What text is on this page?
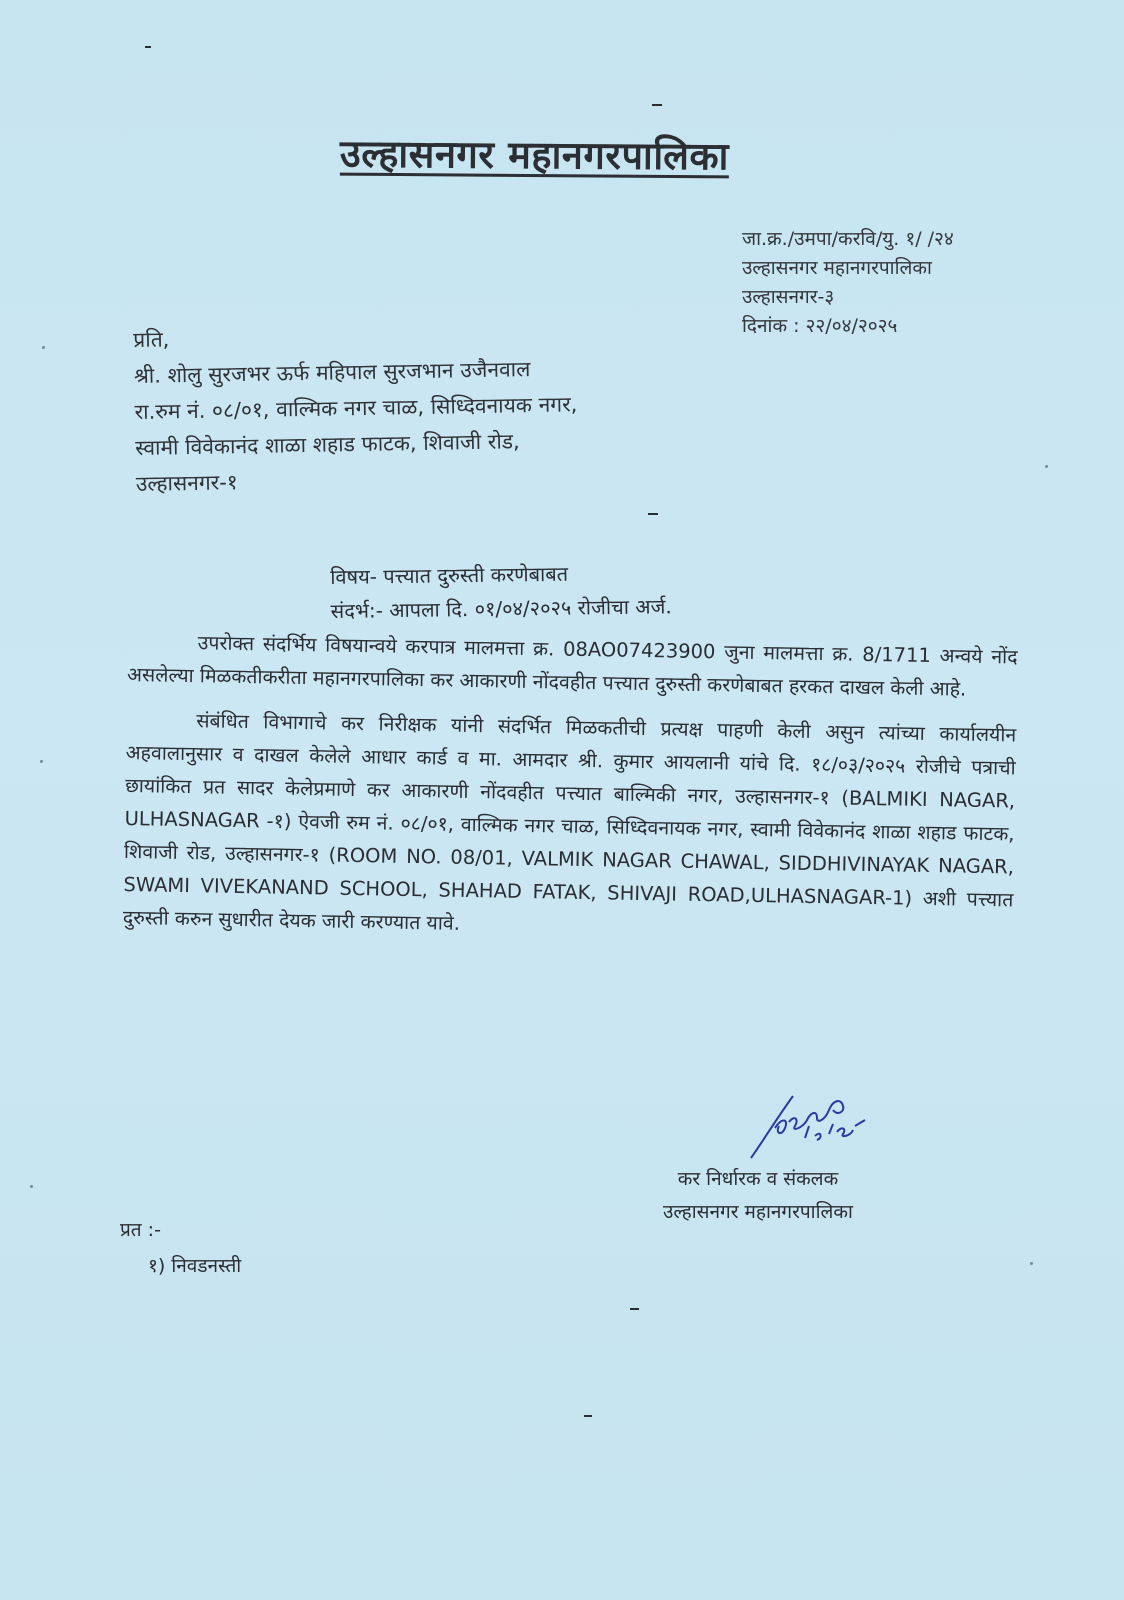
उल्हासनगर महानगरपालिका
जा.क्र./उमपा/करवि/यु. १/ /२४
उल्हासनगर महानगरपालिका
उल्हासनगर-३
दिनांक : २२/०४/२०२५
प्रति,
श्री. शोलु सुरजभर ऊर्फ महिपाल सुरजभान उजैनवाल
रा.रुम नं. ०८/०१, वाल्मिक नगर चाळ, सिध्दिवनायक नगर,
स्वामी विवेकानंद शाळा शहाड फाटक, शिवाजी रोड,
उल्हासनगर-१
विषय- पत्त्यात दुरुस्ती करणेबाबत
संदर्भ:- आपला दि. ०१/०४/२०२५ रोजीचा अर्ज.

उपरोक्त संदर्भिय विषयान्वये करपात्र मालमत्ता क्र. 08AO07423900 जुना मालमत्ता क्र. 8/1711 अन्वये नोंद असलेल्या मिळकतीकरीता महानगरपालिका कर आकारणी नोंदवहीत पत्त्यात दुरुस्ती करणेबाबत हरकत दाखल केली आहे.

संबंधित विभागाचे कर निरीक्षक यांनी संदर्भित मिळकतीची प्रत्यक्ष पाहणी केली असुन त्यांच्या कार्यालयीन अहवालानुसार व दाखल केलेले आधार कार्ड व मा. आमदार श्री. कुमार आयलानी यांचे दि. १८/०३/२०२५ रोजीचे पत्राची छायांकित प्रत सादर केलेप्रमाणे कर आकारणी नोंदवहीत पत्त्यात बाल्मिकी नगर, उल्हासनगर-१ (BALMIKI NAGAR, ULHASNAGAR -१) ऐवजी रुम नं. ०८/०१, वाल्मिक नगर चाळ, सिध्दिवनायक नगर, स्वामी विवेकानंद शाळा शहाड फाटक, शिवाजी रोड, उल्हासनगर-१ (ROOM NO. 08/01, VALMIK NAGAR CHAWAL, SIDDHIVINAYAK NAGAR, SWAMI VIVEKANAND SCHOOL, SHAHAD FATAK, SHIVAJI ROAD,ULHASNAGAR-1) अशी पत्त्यात दुरुस्ती करुन सुधारीत देयक जारी करण्यात यावे.

कर निर्धारक व संकलक
उल्हासनगर महानगरपालिका
प्रत :-
१) निवडनस्ती
